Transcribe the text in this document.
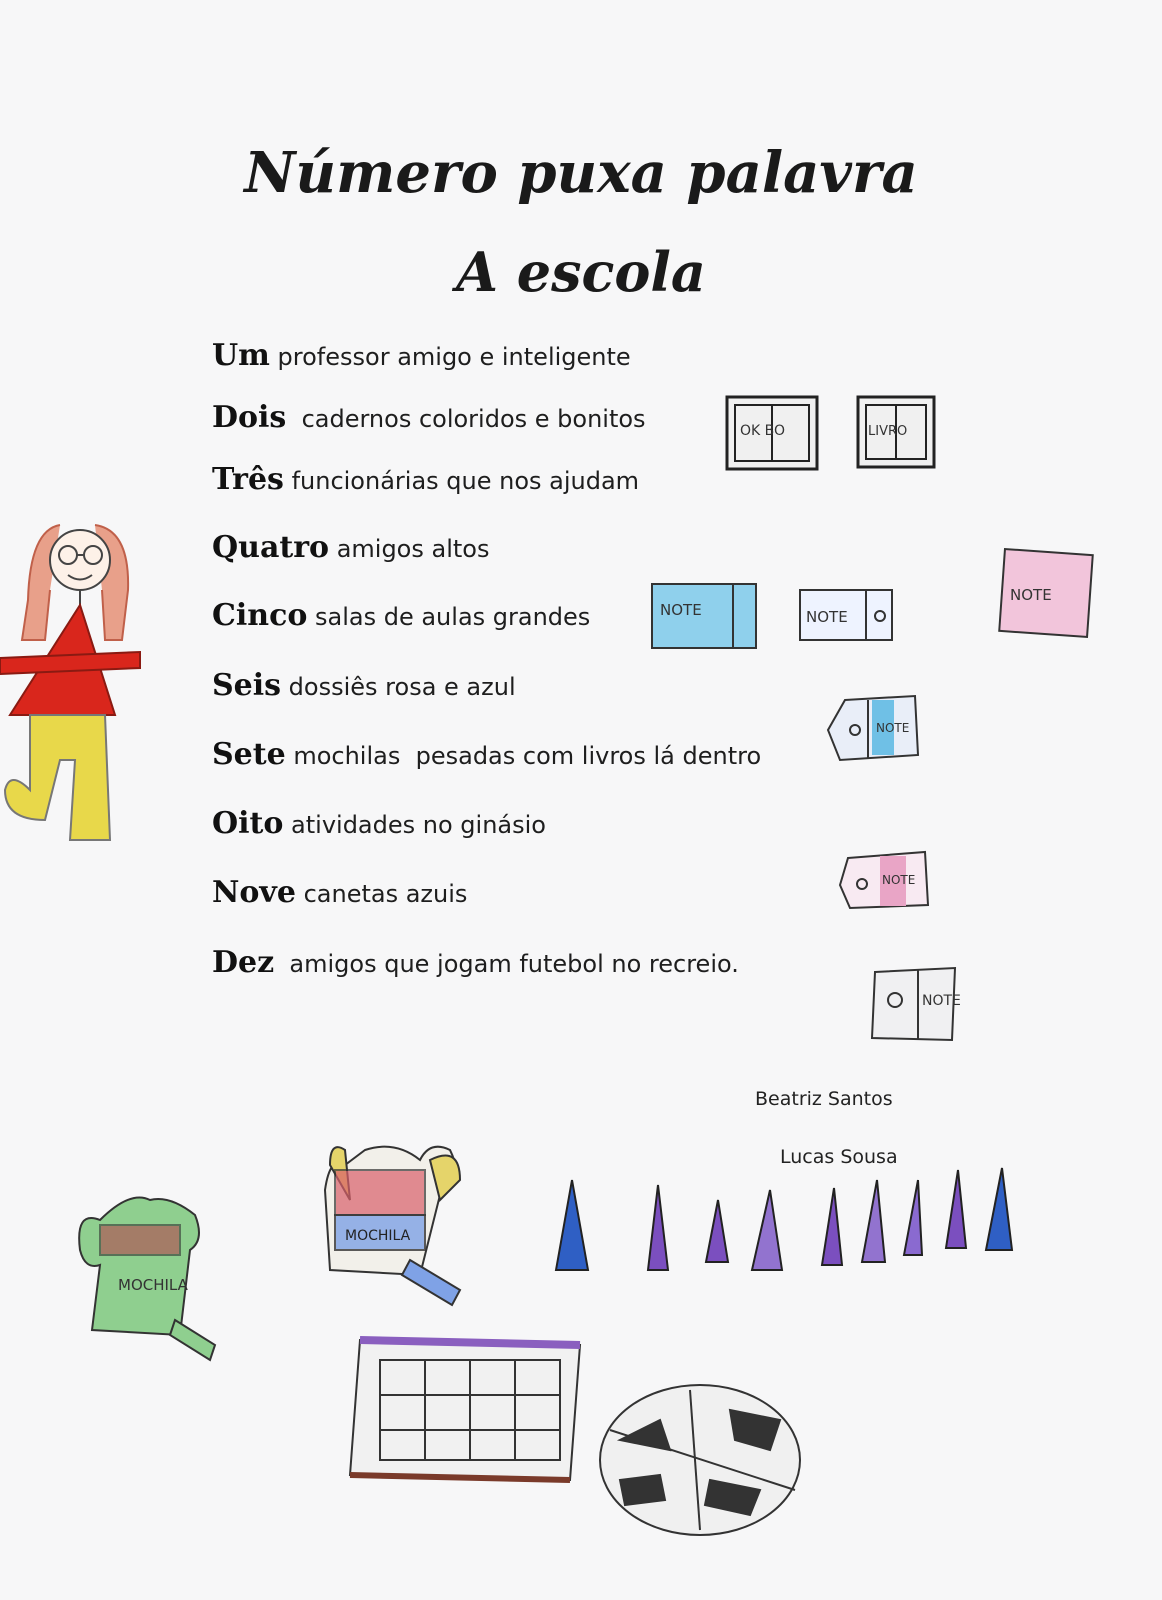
Número puxa palavra
A escola
Um professor amigo e inteligente
Dois  cadernos coloridos e bonitos
Três funcionárias que nos ajudam
Quatro amigos altos
Cinco salas de aulas grandes
Seis dossiês rosa e azul
Sete mochilas  pesadas com livros lá dentro
Oito atividades no ginásio
Nove canetas azuis
Dez  amigos que jogam futebol no recreio.
Beatriz Santos
Lucas Sousa
OK BO	LIVRO
NOTE	NOTE
NOTE
NOTE
NOTE
NOTE
MOCHILA
MOCHILA
